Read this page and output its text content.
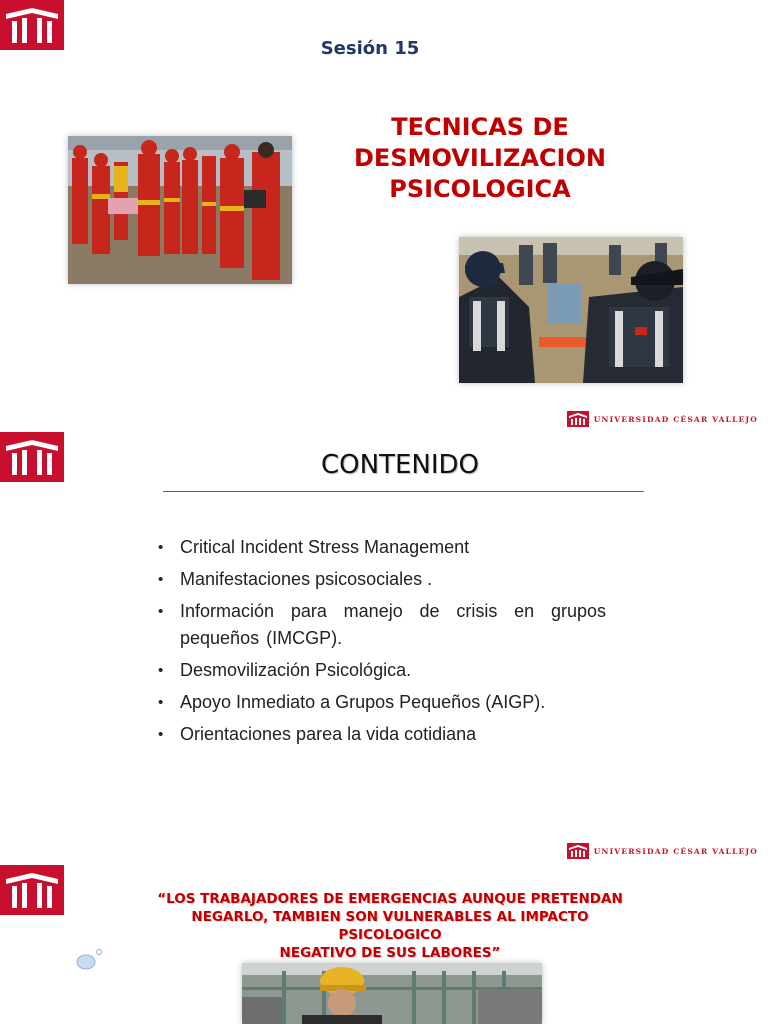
Sesión 15
TECNICAS DE
DESMOVILIZACION
PSICOLOGICA
UNIVERSIDAD CÉSAR VALLEJO
CONTENIDO
• Critical Incident Stress Management
• Manifestaciones psicosociales .
• Información para manejo de crisis en grupos pequeños (IMCGP).
• Desmovilización Psicológica.
• Apoyo Inmediato a Grupos Pequeños (AIGP).
• Orientaciones parea la vida cotidiana
UNIVERSIDAD CÉSAR VALLEJO
“LOS TRABAJADORES DE EMERGENCIAS AUNQUE PRETENDAN
NEGARLO, TAMBIEN SON VULNERABLES AL IMPACTO PSICOLOGICO
NEGATIVO DE SUS LABORES”
